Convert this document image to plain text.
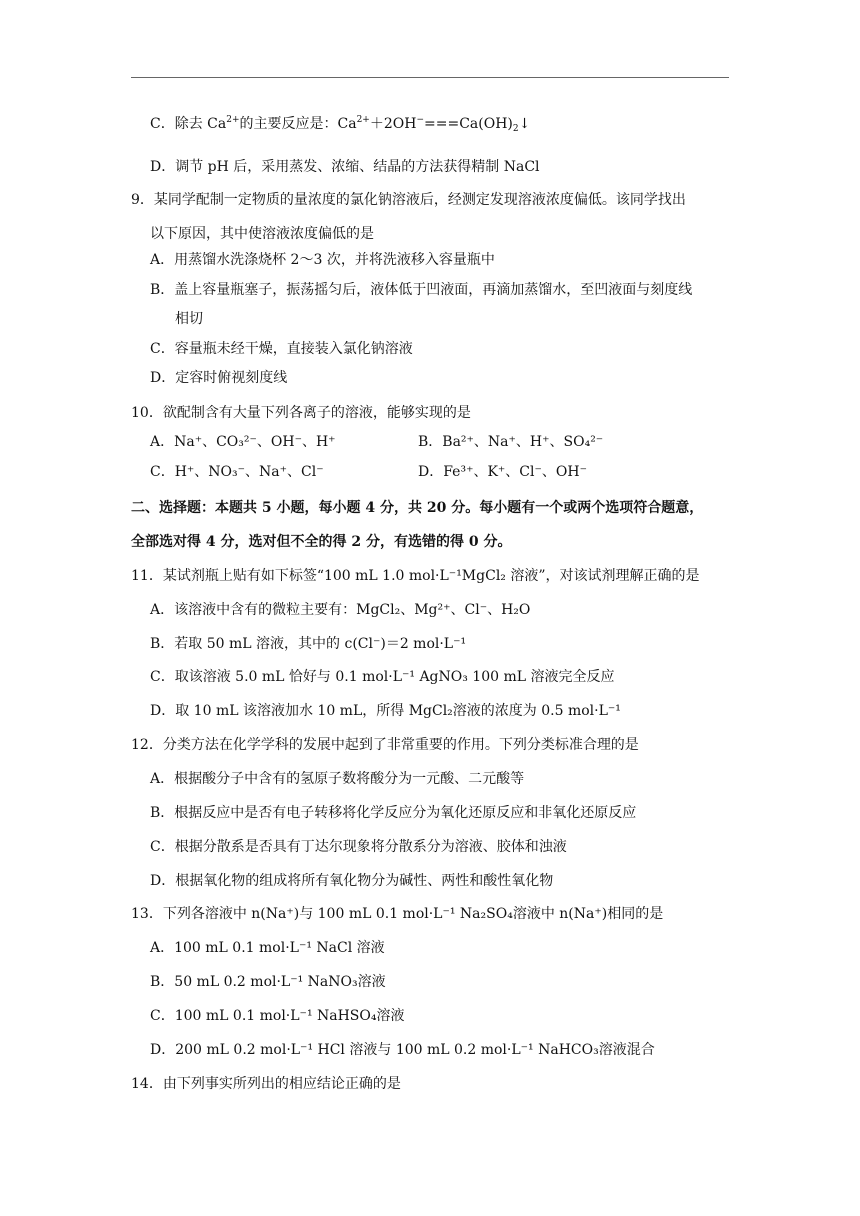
C．除去 $Ca^{2+}$的主要反应是：$Ca^{2+}+2OH^-===Ca(OH)_2↓$
D．调节 pH 后，采用蒸发、浓缩、结晶的方法获得精制 NaCl
9．某同学配制一定物质的量浓度的氯化钠溶液后，经测定发现溶液浓度偏低。该同学找出
以下原因，其中使溶液浓度偏低的是
A．用蒸馏水洗涤烧杯 2～3 次，并将洗液移入容量瓶中
B．盖上容量瓶塞子，振荡摇匀后，液体低于凹液面，再滴加蒸馏水，至凹液面与刻度线
相切
C．容量瓶未经干燥，直接装入氯化钠溶液
D．定容时俯视刻度线
10．欲配制含有大量下列各离子的溶液，能够实现的是
A．Na⁺、CO₃²⁻、OH⁻、H⁺	B．Ba²⁺、Na⁺、H⁺、SO₄²⁻
C．H⁺、NO₃⁻、Na⁺、Cl⁻	D．Fe³⁺、K⁺、Cl⁻、OH⁻
二、选择题：本题共 5 小题，每小题 4 分，共 20 分。每小题有一个或两个选项符合题意，
全部选对得 4 分，选对但不全的得 2 分，有选错的得 0 分。
11．某试剂瓶上贴有如下标签“100 mL 1.0 mol·L⁻¹MgCl₂ 溶液”，对该试剂理解正确的是
A．该溶液中含有的微粒主要有：MgCl₂、Mg²⁺、Cl⁻、H₂O
B．若取 50 mL 溶液，其中的 c(Cl⁻)＝2 mol·L⁻¹
C．取该溶液 5.0 mL 恰好与 0.1 mol·L⁻¹ AgNO₃ 100 mL 溶液完全反应
D．取 10 mL 该溶液加水 10 mL，所得 MgCl₂溶液的浓度为 0.5 mol·L⁻¹
12．分类方法在化学学科的发展中起到了非常重要的作用。下列分类标准合理的是
A．根据酸分子中含有的氢原子数将酸分为一元酸、二元酸等
B．根据反应中是否有电子转移将化学反应分为氧化还原反应和非氧化还原反应
C．根据分散系是否具有丁达尔现象将分散系分为溶液、胶体和浊液
D．根据氧化物的组成将所有氧化物分为碱性、两性和酸性氧化物
13．下列各溶液中 n(Na⁺)与 100 mL 0.1 mol·L⁻¹ Na₂SO₄溶液中 n(Na⁺)相同的是
A．100 mL 0.1 mol·L⁻¹ NaCl 溶液
B．50 mL 0.2 mol·L⁻¹ NaNO₃溶液
C．100 mL 0.1 mol·L⁻¹ NaHSO₄溶液
D．200 mL 0.2 mol·L⁻¹ HCl 溶液与 100 mL 0.2 mol·L⁻¹ NaHCO₃溶液混合
14．由下列事实所列出的相应结论正确的是
